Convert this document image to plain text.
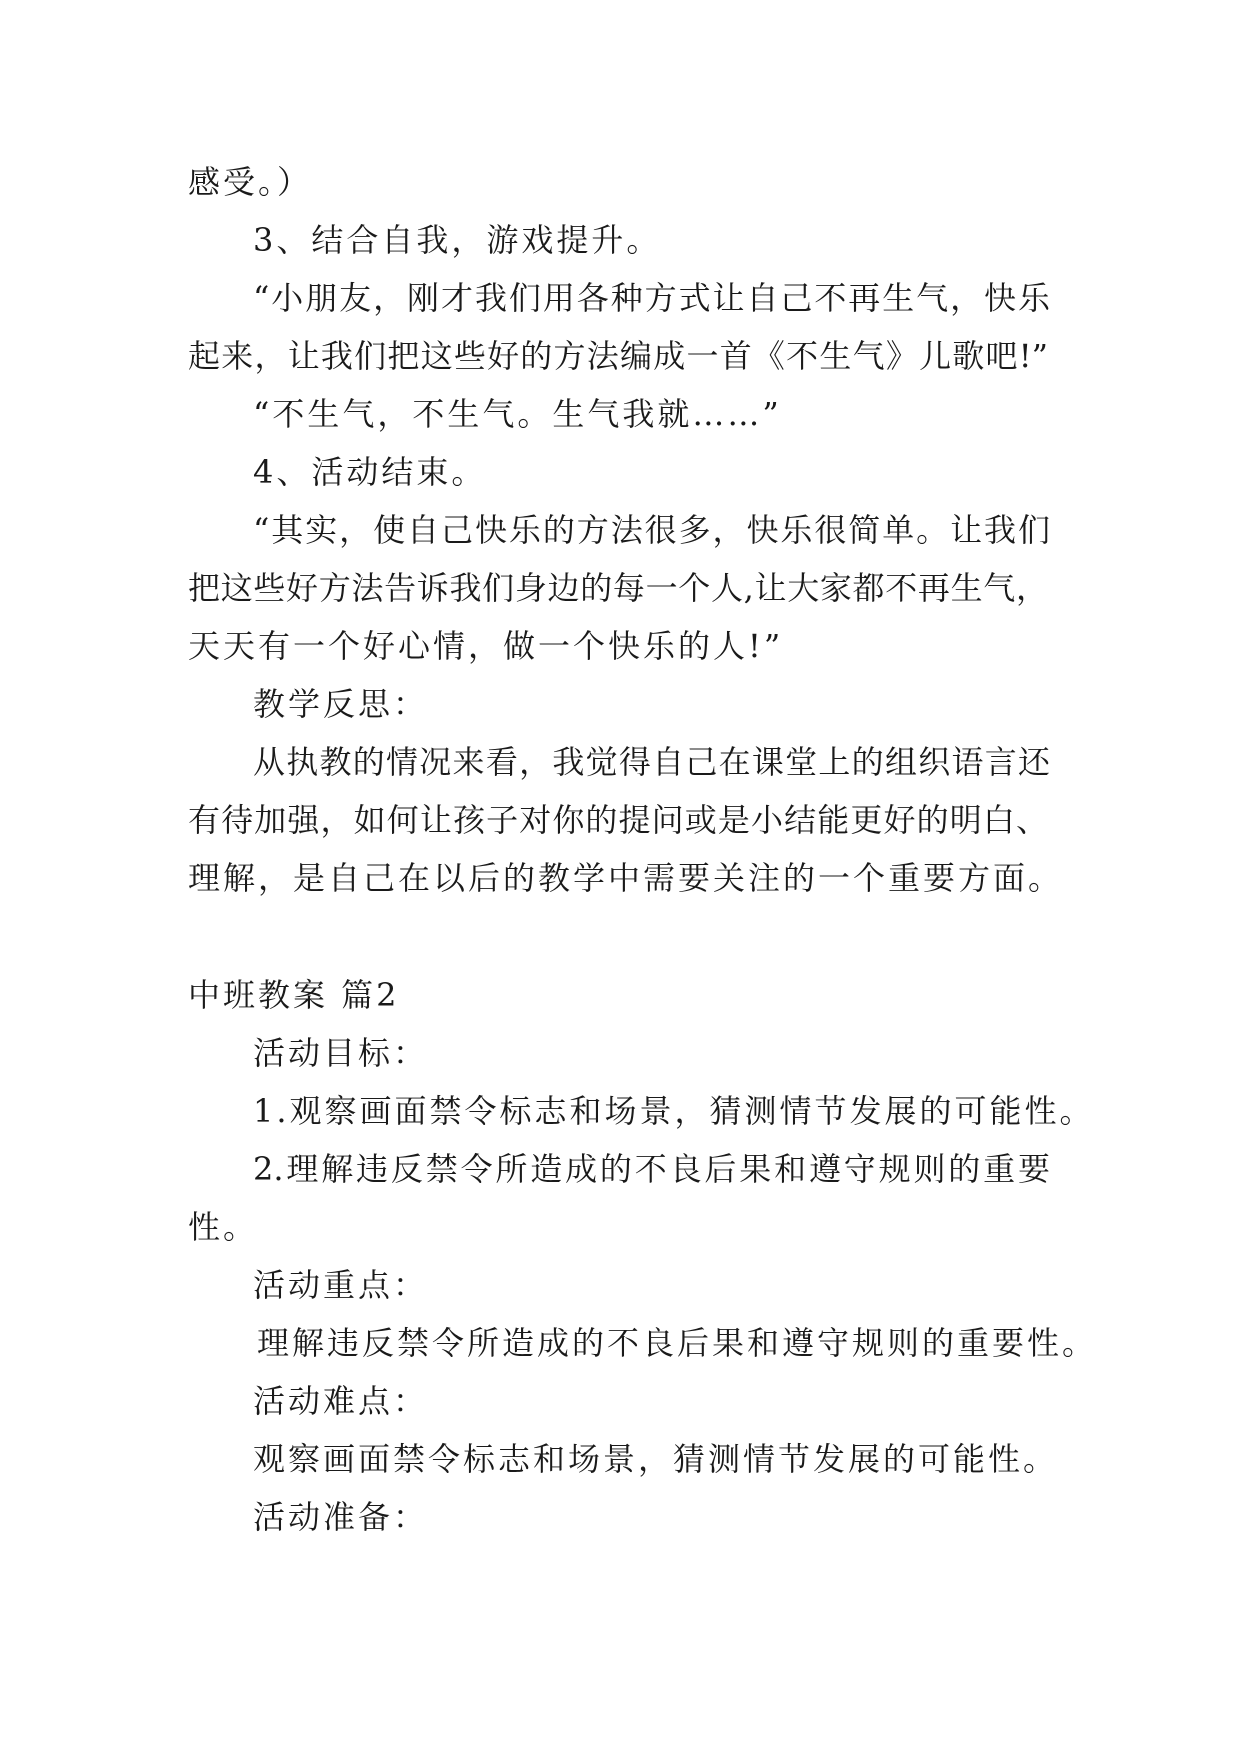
感受。）
3、结合自我，游戏提升。
“小朋友，刚才我们用各种方式让自己不再生气，快乐
起来，让我们把这些好的方法编成一首《不生气》儿歌吧!”
“不生气，不生气。生气我就……”
4、活动结束。
“其实，使自己快乐的方法很多，快乐很简单。让我们
把这些好方法告诉我们身边的每一个人,让大家都不再生气，
天天有一个好心情，做一个快乐的人!”
教学反思：
从执教的情况来看，我觉得自己在课堂上的组织语言还
有待加强，如何让孩子对你的提问或是小结能更好的明白、
理解，是自己在以后的教学中需要关注的一个重要方面。
中班教案 篇2
活动目标：
1.观察画面禁令标志和场景，猜测情节发展的可能性。
2.理解违反禁令所造成的不良后果和遵守规则的重要
性。
活动重点：
理解违反禁令所造成的不良后果和遵守规则的重要性。
活动难点：
观察画面禁令标志和场景，猜测情节发展的可能性。
活动准备：
